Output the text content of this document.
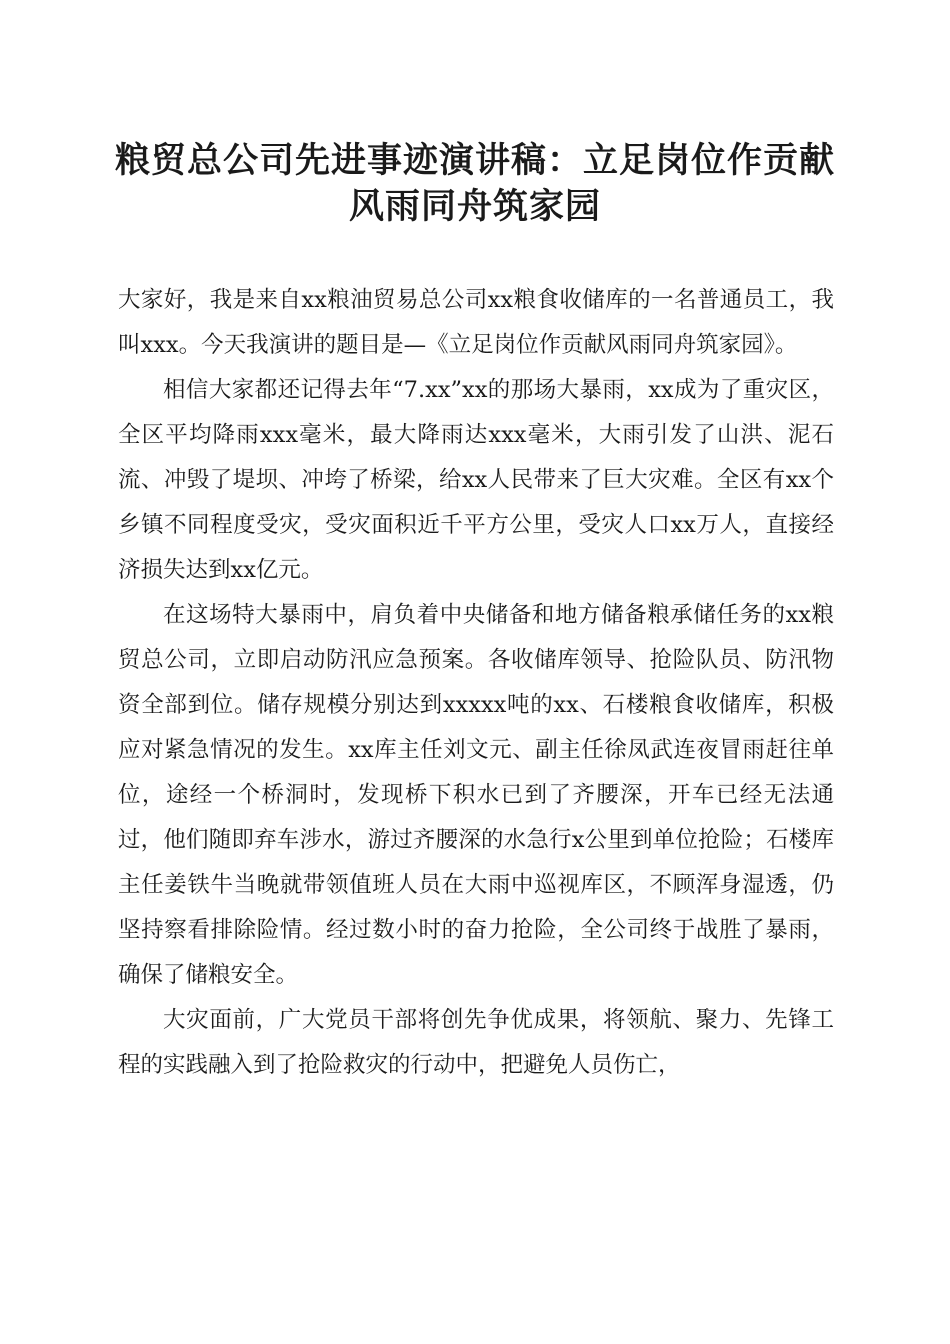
粮贸总公司先进事迹演讲稿：立足岗位作贡献
风雨同舟筑家园

大家好，我是来自xx粮油贸易总公司xx粮食收储库的一名普通员工，我叫xxx。今天我演讲的题目是—《立足岗位作贡献风雨同舟筑家园》。

相信大家都还记得去年“7.xx”xx的那场大暴雨，xx成为了重灾区，全区平均降雨xxx毫米，最大降雨达xxx毫米，大雨引发了山洪、泥石流、冲毁了堤坝、冲垮了桥梁，给xx人民带来了巨大灾难。全区有xx个乡镇不同程度受灾，受灾面积近千平方公里，受灾人口xx万人，直接经济损失达到xx亿元。

在这场特大暴雨中，肩负着中央储备和地方储备粮承储任务的xx粮贸总公司，立即启动防汛应急预案。各收储库领导、抢险队员、防汛物资全部到位。储存规模分别达到xxxxx吨的xx、石楼粮食收储库，积极应对紧急情况的发生。xx库主任刘文元、副主任徐凤武连夜冒雨赶往单位，途经一个桥洞时，发现桥下积水已到了齐腰深，开车已经无法通过，他们随即弃车涉水，游过齐腰深的水急行x公里到单位抢险；石楼库主任姜铁牛当晚就带领值班人员在大雨中巡视库区，不顾浑身湿透，仍坚持察看排除险情。经过数小时的奋力抢险，全公司终于战胜了暴雨，确保了储粮安全。

大灾面前，广大党员干部将创先争优成果，将领航、聚力、先锋工程的实践融入到了抢险救灾的行动中，把避免人员伤亡，
